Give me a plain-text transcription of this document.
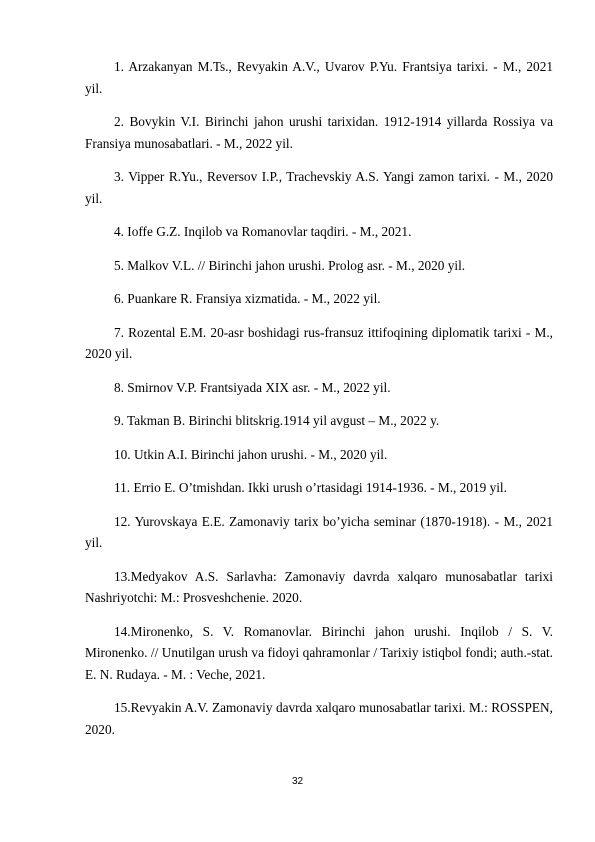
1. Arzakanyan M.Ts., Revyakin A.V., Uvarov P.Yu. Frantsiya tarixi. - M., 2021 yil.

2. Bovykin V.I. Birinchi jahon urushi tarixidan. 1912-1914 yillarda Rossiya va Fransiya munosabatlari. - M., 2022 yil.

3. Vipper R.Yu., Reversov I.P., Trachevskiy A.S. Yangi zamon tarixi. - M., 2020 yil.

4. Ioffe G.Z. Inqilob va Romanovlar taqdiri. - M., 2021.

5. Malkov V.L. // Birinchi jahon urushi. Prolog asr. - M., 2020 yil.

6. Puankare R. Fransiya xizmatida. - M., 2022 yil.

7. Rozental E.M. 20-asr boshidagi rus-fransuz ittifoqining diplomatik tarixi - M., 2020 yil.

8. Smirnov V.P. Frantsiyada XIX asr. - M., 2022 yil.

9. Takman B. Birinchi blitskrig.1914 yil avgust – M., 2022 y.

10. Utkin A.I. Birinchi jahon urushi. - M., 2020 yil.

11. Errio E. O’tmishdan. Ikki urush o’rtasidagi 1914-1936. - M., 2019 yil.

12. Yurovskaya E.E. Zamonaviy tarix bo’yicha seminar (1870-1918). - M., 2021 yil.

13.Medyakov A.S. Sarlavha: Zamonaviy davrda xalqaro munosabatlar tarixi Nashriyotchi: M.: Prosveshchenie. 2020.

14.Mironenko, S. V. Romanovlar. Birinchi jahon urushi. Inqilob / S. V. Mironenko. // Unutilgan urush va fidoyi qahramonlar / Tarixiy istiqbol fondi; auth.-stat. E. N. Rudaya. - M. : Veche, 2021.

15.Revyakin A.V. Zamonaviy davrda xalqaro munosabatlar tarixi. M.: ROSSPEN, 2020.

32
